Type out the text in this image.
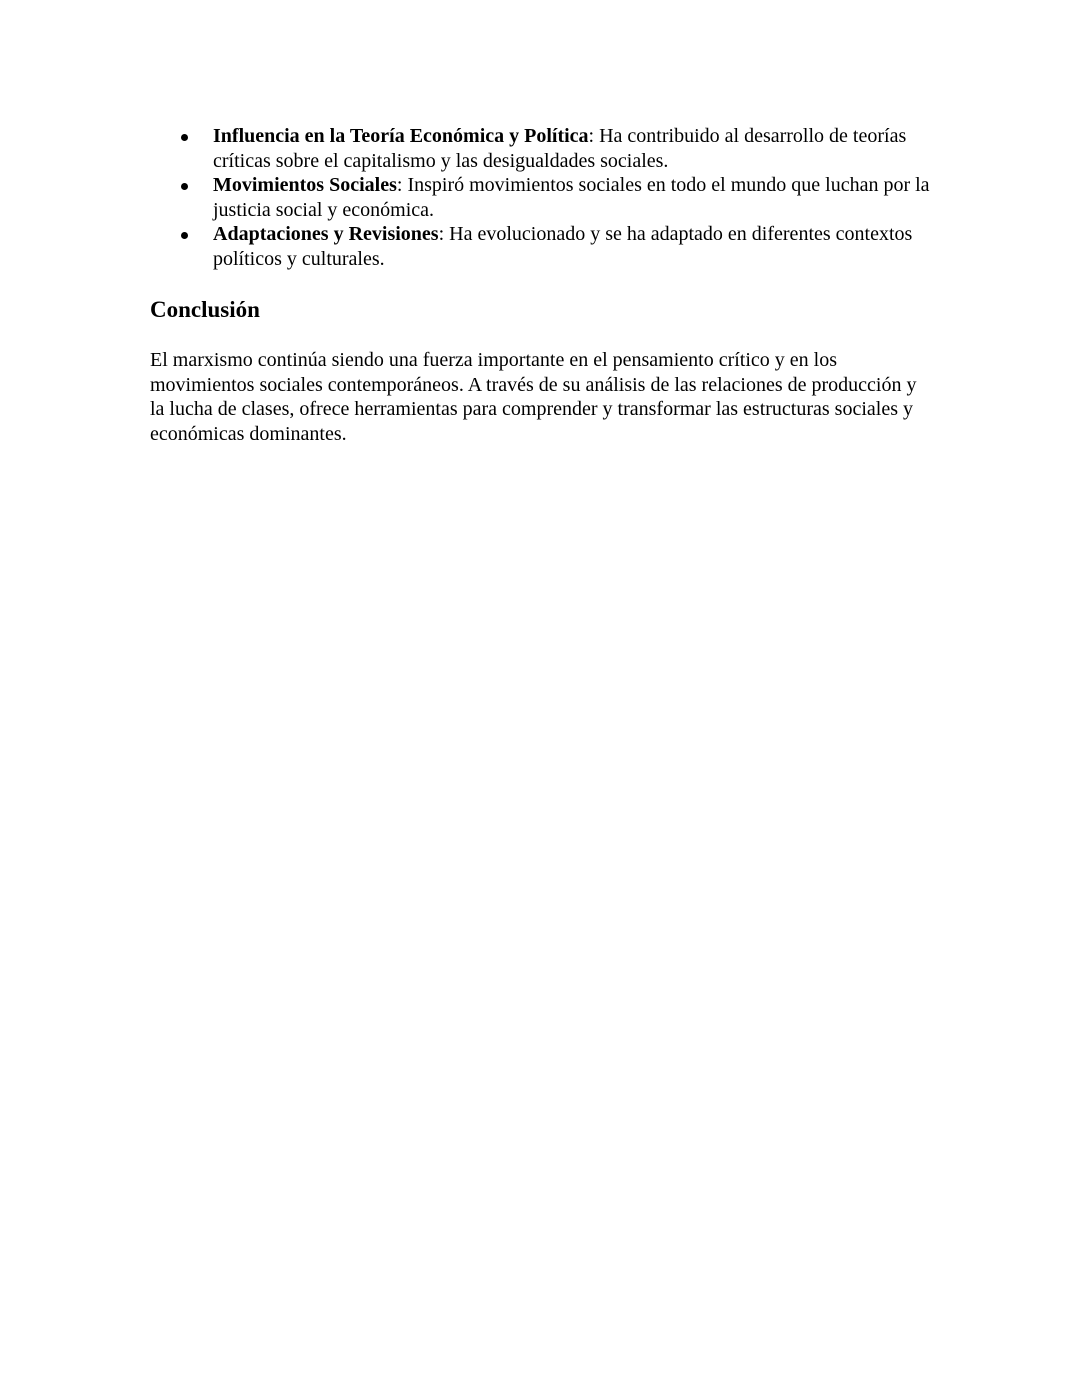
Influencia en la Teoría Económica y Política: Ha contribuido al desarrollo de teorías críticas sobre el capitalismo y las desigualdades sociales.
Movimientos Sociales: Inspiró movimientos sociales en todo el mundo que luchan por la justicia social y económica.
Adaptaciones y Revisiones: Ha evolucionado y se ha adaptado en diferentes contextos políticos y culturales.
Conclusión

El marxismo continúa siendo una fuerza importante en el pensamiento crítico y en los movimientos sociales contemporáneos. A través de su análisis de las relaciones de producción y la lucha de clases, ofrece herramientas para comprender y transformar las estructuras sociales y económicas dominantes.
